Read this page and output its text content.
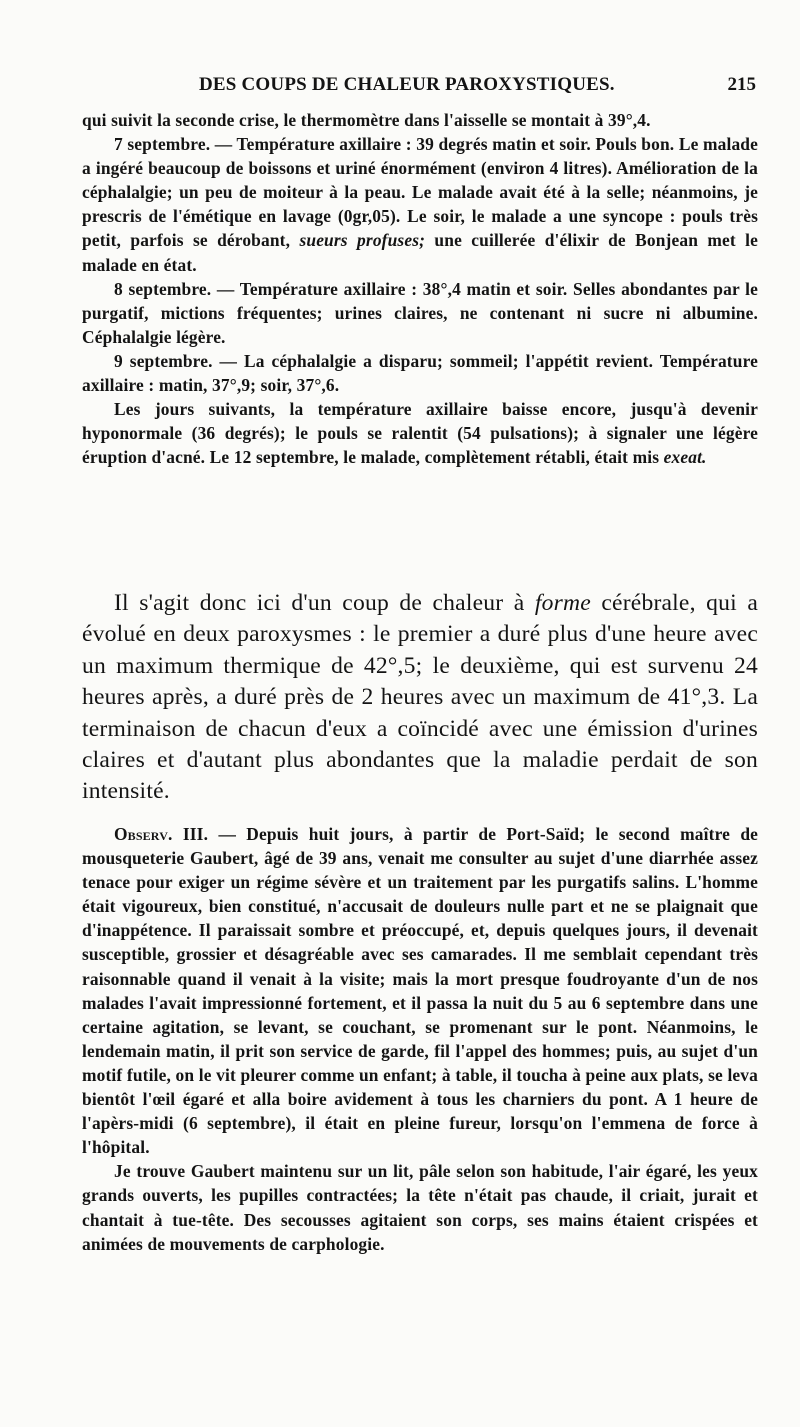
DES COUPS DE CHALEUR PAROXYSTIQUES.	215

qui suivit la seconde crise, le thermomètre dans l'aisselle se montait à 39°,4.

7 septembre. — Température axillaire : 39 degrés matin et soir. Pouls bon. Le malade a ingéré beaucoup de boissons et uriné énormément (environ 4 litres). Amélioration de la céphalalgie; un peu de moiteur à la peau. Le malade avait été à la selle; néanmoins, je prescris de l'émétique en lavage (0gr,05). Le soir, le malade a une syncope : pouls très petit, parfois se dérobant, sueurs profuses; une cuillerée d'élixir de Bonjean met le malade en état.

8 septembre. — Température axillaire : 38°,4 matin et soir. Selles abondantes par le purgatif, mictions fréquentes; urines claires, ne contenant ni sucre ni albumine. Céphalalgie légère.

9 septembre. — La céphalalgie a disparu; sommeil; l'appétit revient. Température axillaire : matin, 37°,9; soir, 37°,6.

Les jours suivants, la température axillaire baisse encore, jusqu'à devenir hyponormale (36 degrés); le pouls se ralentit (54 pulsations); à signaler une légère éruption d'acné. Le 12 septembre, le malade, complètement rétabli, était mis exeat.

Il s'agit donc ici d'un coup de chaleur à forme cérébrale, qui a évolué en deux paroxysmes : le premier a duré plus d'une heure avec un maximum thermique de 42°,5; le deuxième, qui est survenu 24 heures après, a duré près de 2 heures avec un maximum de 41°,3. La terminaison de chacun d'eux a coïncidé avec une émission d'urines claires et d'autant plus abondantes que la maladie perdait de son intensité.

Observ. III. — Depuis huit jours, à partir de Port-Saïd; le second maître de mousqueterie Gaubert, âgé de 39 ans, venait me consulter au sujet d'une diarrhée assez tenace pour exiger un régime sévère et un traitement par les purgatifs salins. L'homme était vigoureux, bien constitué, n'accusait de douleurs nulle part et ne se plaignait que d'inappétence. Il paraissait sombre et préoccupé, et, depuis quelques jours, il devenait susceptible, grossier et désagréable avec ses camarades. Il me semblait cependant très raisonnable quand il venait à la visite; mais la mort presque foudroyante d'un de nos malades l'avait impressionné fortement, et il passa la nuit du 5 au 6 septembre dans une certaine agitation, se levant, se couchant, se promenant sur le pont. Néanmoins, le lendemain matin, il prit son service de garde, fil l'appel des hommes; puis, au sujet d'un motif futile, on le vit pleurer comme un enfant; à table, il toucha à peine aux plats, se leva bientôt l'œil égaré et alla boire avidement à tous les charniers du pont. A 1 heure de l'apèrs-midi (6 septembre), il était en pleine fureur, lorsqu'on l'emmena de force à l'hôpital.

Je trouve Gaubert maintenu sur un lit, pâle selon son habitude, l'air égaré, les yeux grands ouverts, les pupilles contractées; la tête n'était pas chaude, il criait, jurait et chantait à tue-tête. Des secousses agitaient son corps, ses mains étaient crispées et animées de mouvements de carphologie.
